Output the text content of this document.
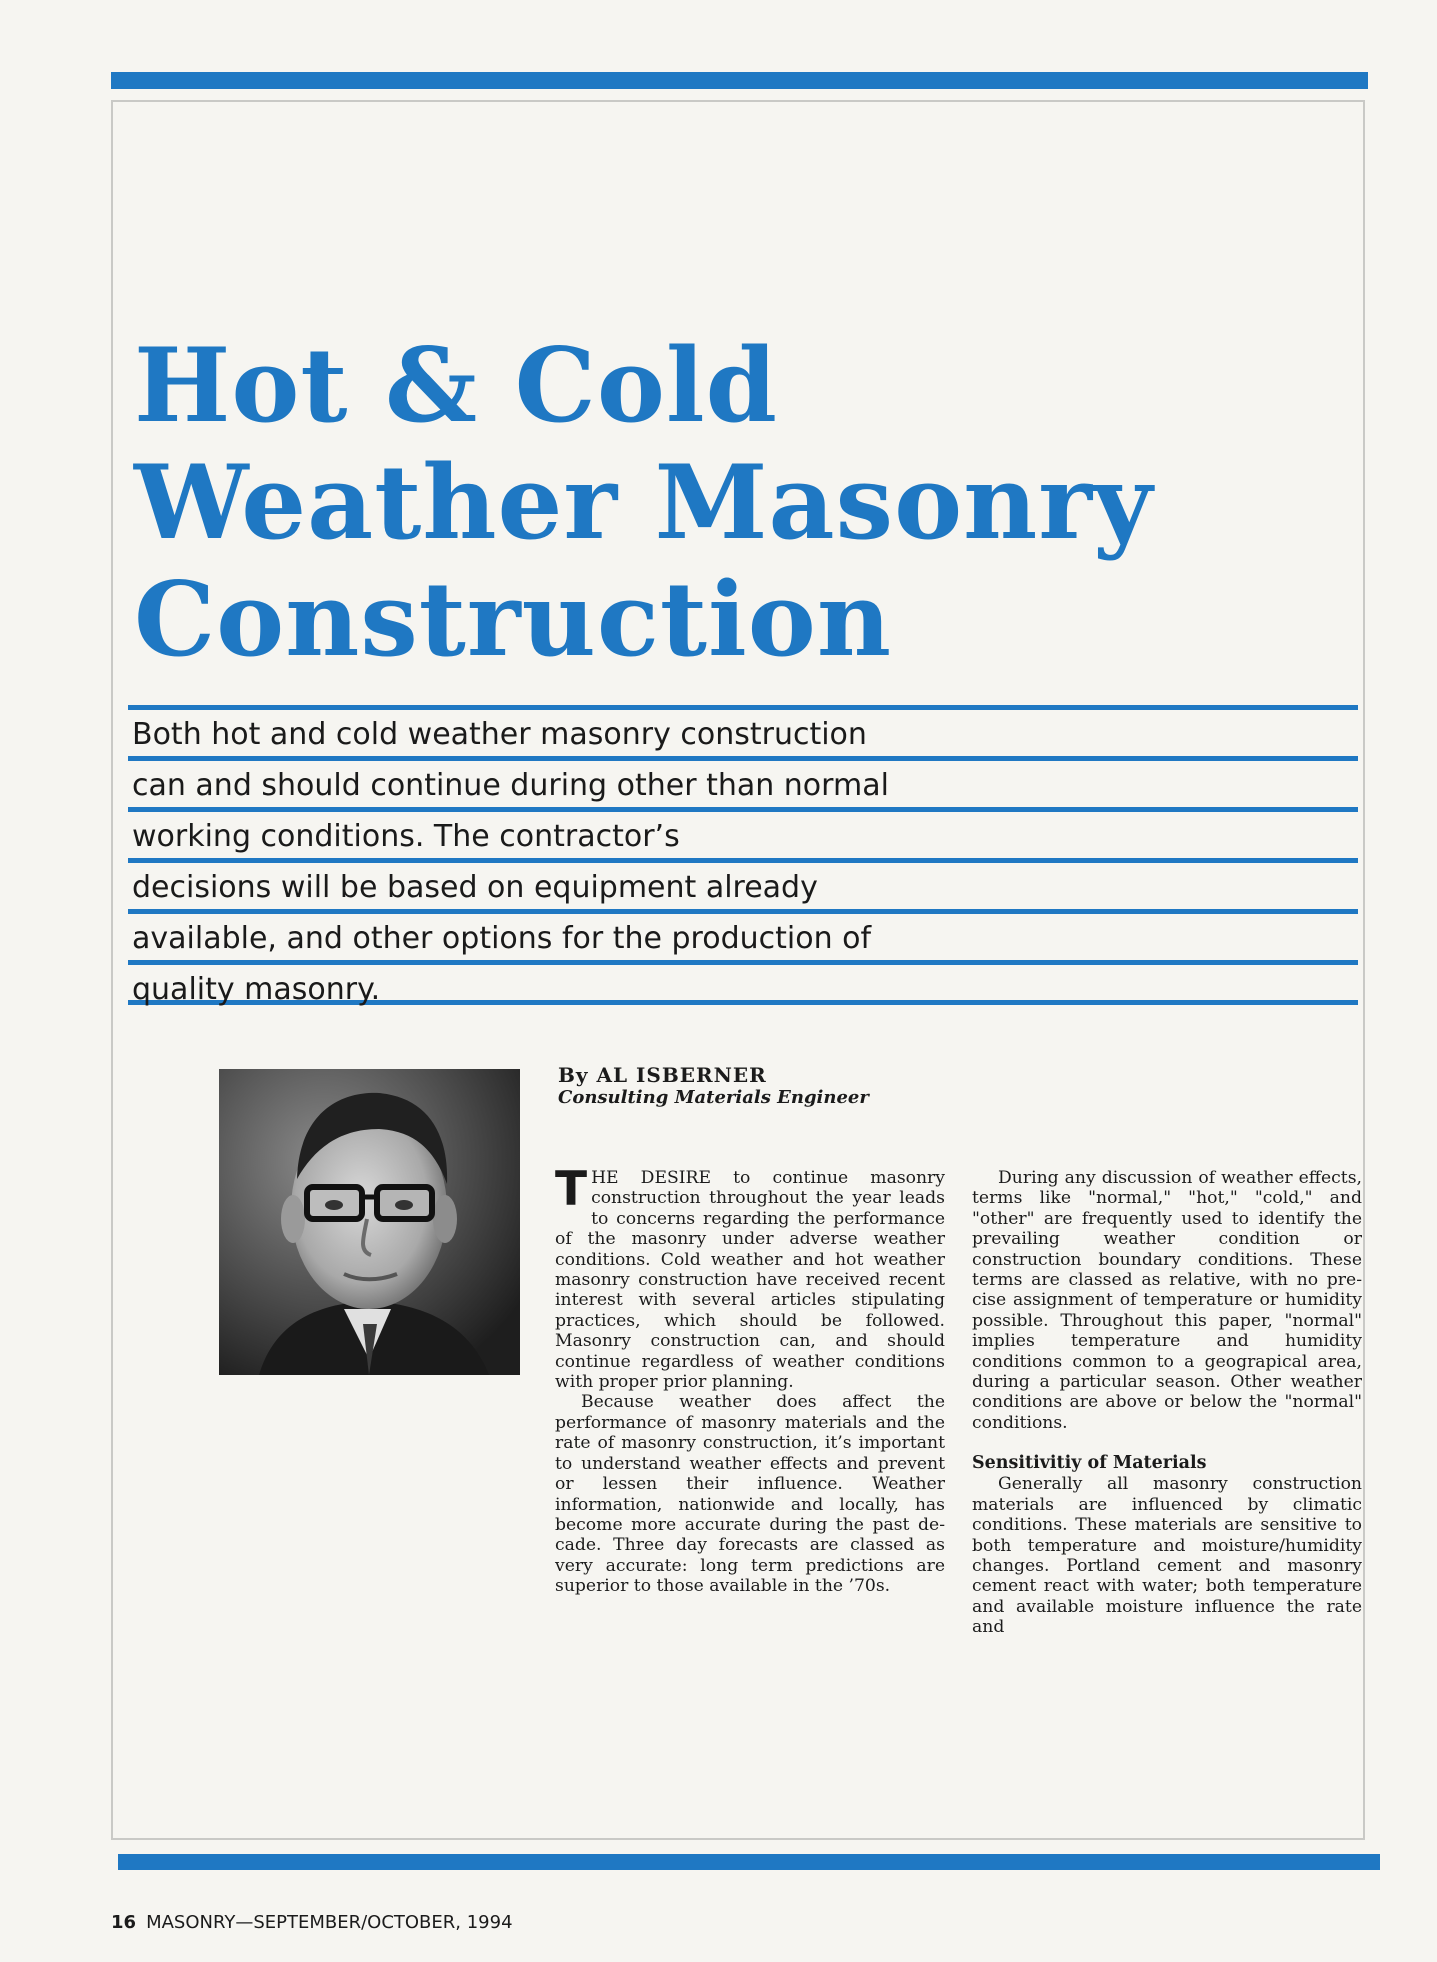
Hot & Cold
Weather Masonry
Construction
Both hot and cold weather masonry construction
can and should continue during other than normal
working conditions. The contractor’s
decisions will be based on equipment already
available, and other options for the production of
quality masonry.
By AL ISBERNER
Consulting Materials Engineer

THE DESIRE to continue masonry construction throughout the year leads to concerns regarding the performance of the masonry under adverse weather conditions. Cold weather and hot weather masonry construction have received recent interest with several articles stipulating practices, which should be followed. Masonry construction can, and should continue regardless of weather conditions with proper prior planning.

Because weather does affect the performance of masonry materials and the rate of masonry construction, it’s important to understand weather effects and prevent or lessen their influence. Weather information, nationwide and locally, has become more accurate during the past decade. Three day forecasts are classed as very accurate: long term predictions are superior to those available in the ’70s.

During any discussion of weather effects, terms like "normal," "hot," "cold," and "other" are frequently used to identify the prevailing weather condition or construction boundary conditions. These terms are classed as relative, with no precise assignment of temperature or humidity possible. Throughout this paper, "normal" implies temperature and humidity conditions common to a geograpical area, during a particular season. Other weather conditions are above or below the "normal" conditions.

Sensitivitiy of Materials

Generally all masonry construction materials are influenced by climatic conditions. These materials are sensitive to both temperature and moisture/humidity changes. Portland cement and masonry cement react with water; both temperature and available moisture influence the rate and

16 MASONRY—SEPTEMBER/OCTOBER, 1994
